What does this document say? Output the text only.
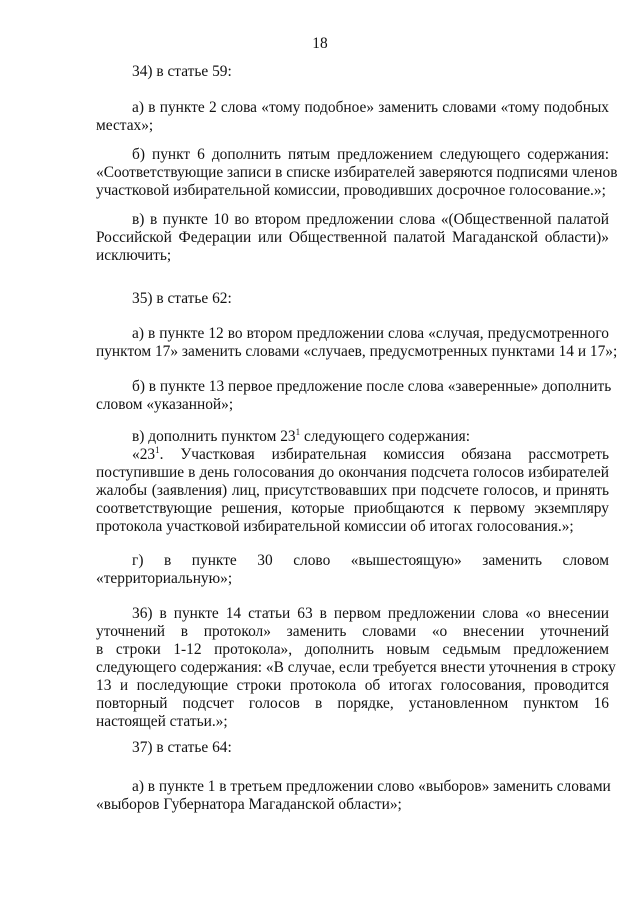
18
34) в статье 59:
а) в пункте 2 слова «тому подобное» заменить словами «тому подобных
местах»;
б) пункт 6 дополнить пятым предложением следующего содержания:
«Соответствующие записи в списке избирателей заверяются подписями членов
участковой избирательной комиссии, проводивших досрочное голосование.»;
в) в пункте 10 во втором предложении слова «(Общественной палатой
Российской Федерации или Общественной палатой Магаданской области)»
исключить;
35) в статье 62:
а) в пункте 12 во втором предложении слова «случая, предусмотренного
пунктом 17» заменить словами «случаев, предусмотренных пунктами 14 и 17»;
б) в пункте 13 первое предложение после слова «заверенные» дополнить
словом «указанной»;
в) дополнить пунктом $23^1$ следующего содержания:
«$23^1$. Участковая избирательная комиссия обязана рассмотреть
поступившие в день голосования до окончания подсчета голосов избирателей
жалобы (заявления) лиц, присутствовавших при подсчете голосов, и принять
соответствующие решения, которые приобщаются к первому экземпляру
протокола участковой избирательной комиссии об итогах голосования.»;
г) в пункте 30 слово «вышестоящую» заменить словом
«территориальную»;
36) в пункте 14 статьи 63 в первом предложении слова «о внесении
уточнений в протокол» заменить словами «о внесении уточнений
в строки 1-12 протокола», дополнить новым седьмым предложением
следующего содержания: «В случае, если требуется внести уточнения в строку
13 и последующие строки протокола об итогах голосования, проводится
повторный подсчет голосов в порядке, установленном пунктом 16
настоящей статьи.»;
37) в статье 64:
а) в пункте 1 в третьем предложении слово «выборов» заменить словами
«выборов Губернатора Магаданской области»;
